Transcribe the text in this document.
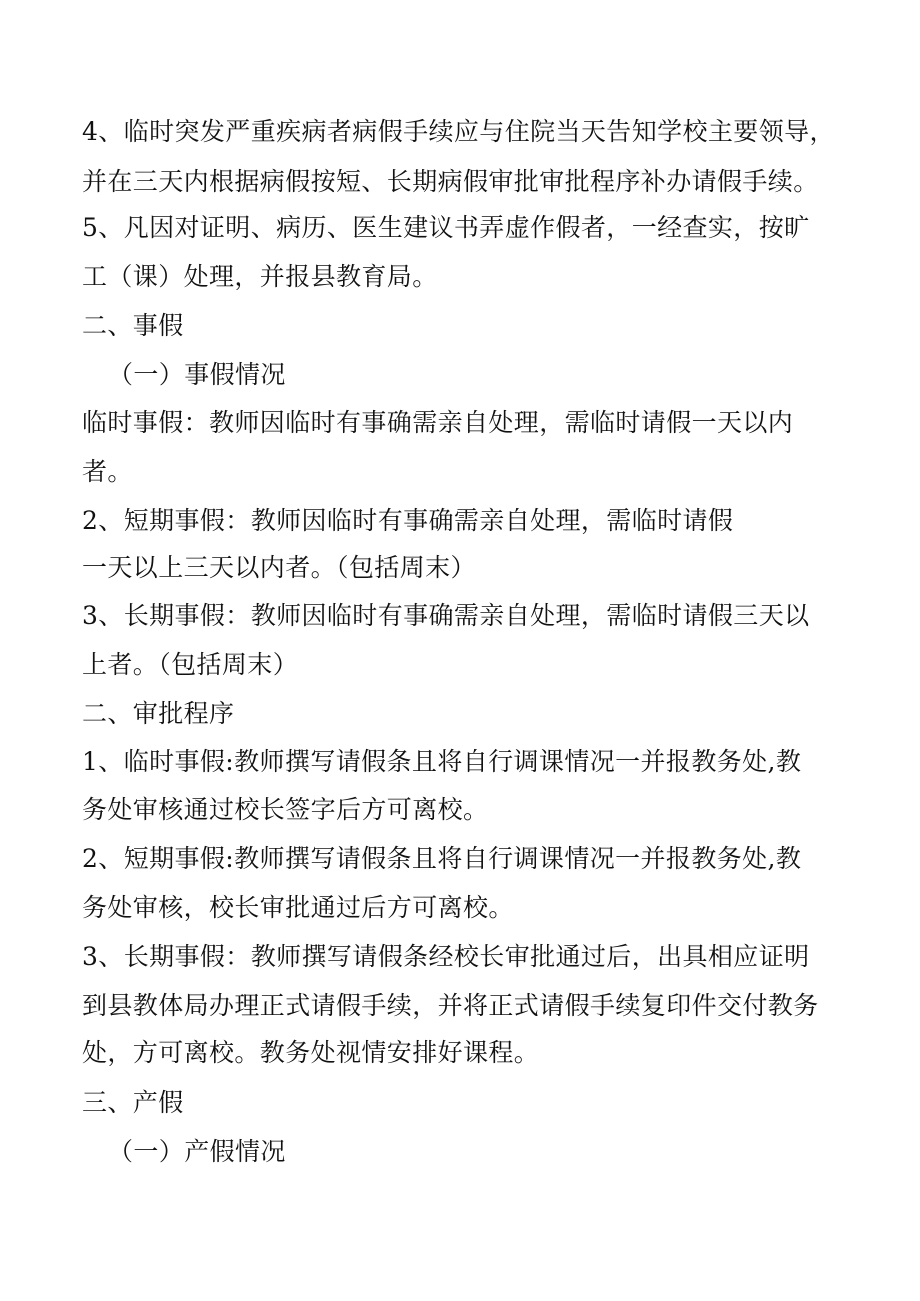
4、临时突发严重疾病者病假手续应与住院当天告知学校主要领导，
并在三天内根据病假按短、长期病假审批审批程序补办请假手续。
5、凡因对证明、病历、医生建议书弄虚作假者，一经查实，按旷
工（课）处理，并报县教育局。
二、事假
（一）事假情况
临时事假：教师因临时有事确需亲自处理，需临时请假一天以内
者。
2、短期事假：教师因临时有事确需亲自处理，需临时请假
一天以上三天以内者。（包括周末）
3、长期事假：教师因临时有事确需亲自处理，需临时请假三天以
上者。（包括周末）
二、审批程序
1、临时事假:教师撰写请假条且将自行调课情况一并报教务处,教
务处审核通过校长签字后方可离校。
2、短期事假:教师撰写请假条且将自行调课情况一并报教务处,教
务处审核，校长审批通过后方可离校。
3、长期事假：教师撰写请假条经校长审批通过后，出具相应证明
到县教体局办理正式请假手续，并将正式请假手续复印件交付教务
处，方可离校。教务处视情安排好课程。
三、产假
（一）产假情况
